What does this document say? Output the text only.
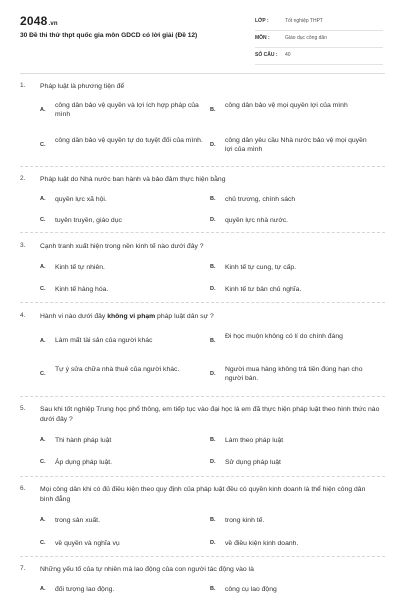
2048.vn
30 Đề thi thử thpt quốc gia môn GDCD có lời giải (Đề 12)
LỚP :	Tốt nghiệp THPT
MÔN :	Giáo dục công dân
SỐ CÂU : 40
1. Pháp luật là phương tiện để
A.
công dân bảo vệ quyền và lợi ích hợp pháp của mình
B.
công dân bảo vệ mọi quyền lợi của mình
C.
công dân bảo vệ quyền tự do tuyệt đối của mình.
D.
công dân yêu cầu Nhà nước bảo vệ mọi quyền lợi của mình
2. Pháp luật do Nhà nước ban hành và bảo đảm thực hiện bằng
A. quyền lực xã hội.	B. chủ trương, chính sách
C. tuyên truyền, giáo dục	D. quyền lực nhà nước.
3. Cạnh tranh xuất hiện trong nền kinh tế nào dưới đây ?
A. Kinh tế tự nhiên.	B. Kinh tế tự cung, tự cấp.
C. Kinh tế hàng hóa.	D. Kinh tế tư bản chủ nghĩa.
4. Hành vi nào dưới đây không vi phạm pháp luật dân sự ?
A. Làm mất tài sản của người khác	B.
Đi học muộn không có lí do chính đáng
C.
Tự ý sửa chữa nhà thuê của người khác.
D.
Người mua hàng không trả tiền đúng hạn cho người bán.
5. Sau khi tốt nghiệp Trung học phổ thông, em tiếp tục vào đại học là em đã thực hiện pháp luật theo hình thức nào dưới đây ?
A. Thi hành pháp luật	B. Làm theo pháp luật
C. Áp dụng pháp luật.	D. Sử dụng pháp luật
6. Mọi công dân khi có đủ điều kiện theo quy định của pháp luật đều có quyền kinh doanh là thể hiện công dân bình đẳng
A. trong sản xuất.	B. trong kinh tế.
C. về quyền và nghĩa vụ	D. về điều kiện kinh doanh.
7. Những yếu tố của tự nhiên mà lao động của con người tác động vào là
A. đối tượng lao động.	B. công cụ lao động
